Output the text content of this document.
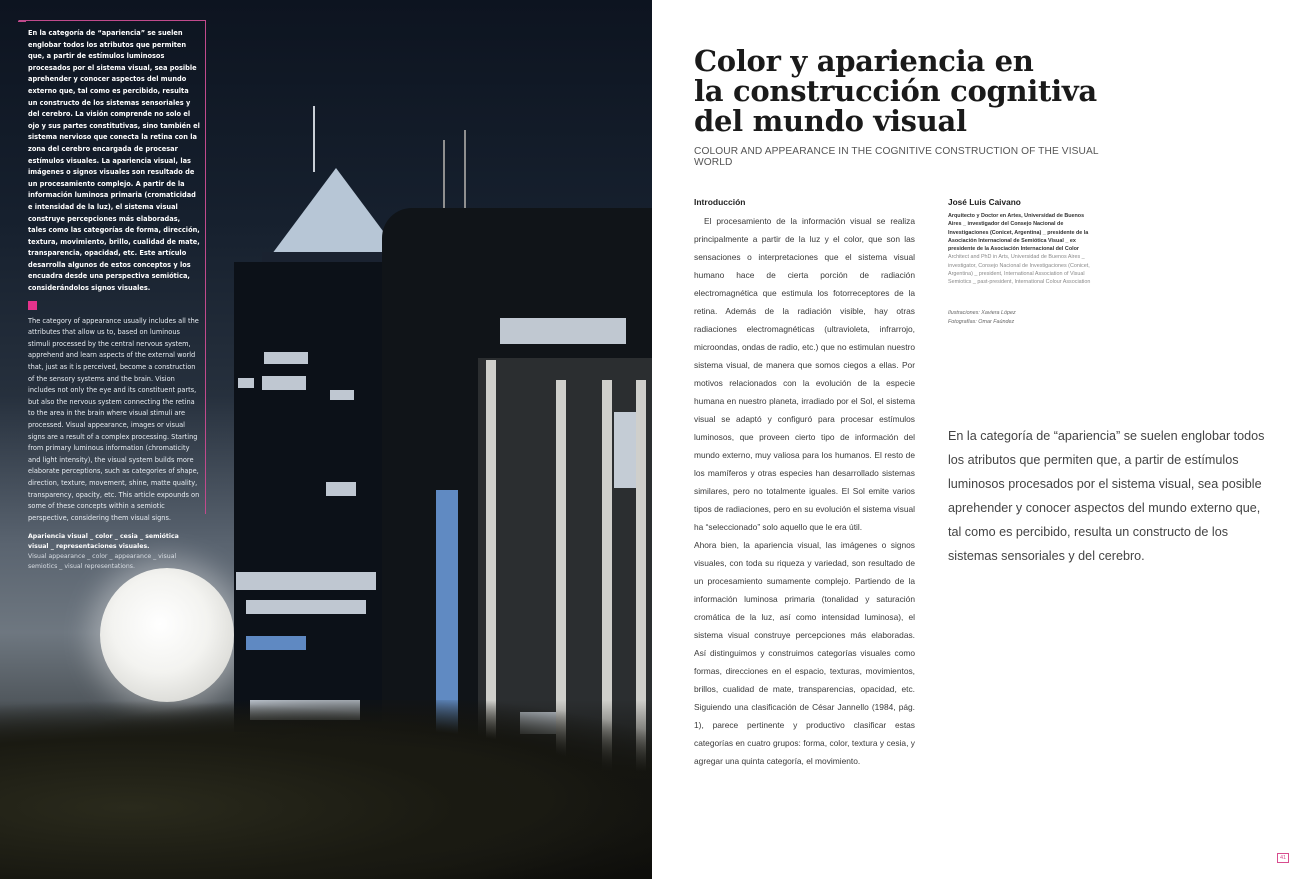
En la categoría de “apariencia” se suelen englobar todos los atributos que permiten que, a partir de estímulos luminosos procesados por el sistema visual, sea posible aprehender y conocer aspectos del mundo externo que, tal como es percibido, resulta un constructo de los sistemas sensoriales y del cerebro. La visión comprende no solo el ojo y sus partes constitutivas, sino también el sistema nervioso que conecta la retina con la zona del cerebro encargada de procesar estímulos visuales. La apariencia visual, las imágenes o signos visuales son resultado de un procesamiento complejo. A partir de la información luminosa primaria (cromaticidad e intensidad de la luz), el sistema visual construye percepciones más elaboradas, tales como las categorías de forma, dirección, textura, movimiento, brillo, cualidad de mate, transparencia, opacidad, etc. Este artículo desarrolla algunos de estos conceptos y los encuadra desde una perspectiva semiótica, considerándolos signos visuales.

The category of appearance usually includes all the attributes that allow us to, based on luminous stimuli processed by the central nervous system, apprehend and learn aspects of the external world that, just as it is perceived, become a construction of the sensory systems and the brain. Vision includes not only the eye and its constituent parts, but also the nervous system connecting the retina to the area in the brain where visual stimuli are processed. Visual appearance, images or visual signs are a result of a complex processing. Starting from primary luminous information (chromaticity and light intensity), the visual system builds more elaborate perceptions, such as categories of shape, direction, texture, movement, shine, matte quality, transparency, opacity, etc. This article expounds on some of these concepts within a semiotic perspective, considering them visual signs.

Apariencia visual _ color _ cesia _ semiótica visual _ representaciones visuales.

Visual appearance _ color _ appearance _ visual semiotics _ visual representations.

Color y apariencia en
la construcción cognitiva
del mundo visual
COLOUR AND APPEARANCE IN THE COGNITIVE CONSTRUCTION OF THE VISUAL WORLD
Introducción

El procesamiento de la información visual se realiza principalmente a partir de la luz y el color, que son las sensaciones o interpretaciones que el sistema visual humano hace de cierta porción de radiación electromagnética que estimula los fotorreceptores de la retina. Además de la radiación visible, hay otras radiaciones electromagnéticas (ultravioleta, infrarrojo, microondas, ondas de radio, etc.) que no estimulan nuestro sistema visual, de manera que somos ciegos a ellas. Por motivos relacionados con la evolución de la especie humana en nuestro planeta, irradiado por el Sol, el sistema visual se adaptó y configuró para procesar estímulos luminosos, que proveen cierto tipo de información del mundo externo, muy valiosa para los humanos. El resto de los mamíferos y otras especies han desarrollado sistemas similares, pero no totalmente iguales. El Sol emite varios tipos de radiaciones, pero en su evolución el sistema visual ha “seleccionado” solo aquello que le era útil.

Ahora bien, la apariencia visual, las imágenes o signos visuales, con toda su riqueza y variedad, son resultado de un procesamiento sumamente complejo. Partiendo de la información luminosa primaria (tonalidad y saturación cromática de la luz, así como intensidad luminosa), el sistema visual construye percepciones más elaboradas. Así distinguimos y construimos categorías visuales como formas, direcciones en el espacio, texturas, movimientos, brillos, cualidad de mate, transparencias, opacidad, etc. Siguiendo una clasificación de César Jannello (1984, pág. 1), parece pertinente y productivo clasificar estas categorías en cuatro grupos: forma, color, textura y cesia, y agregar una quinta categoría, el movimiento.

José Luis Caivano

Arquitecto y Doctor en Artes, Universidad de Buenos Aires _ investigador del Consejo Nacional de Investigaciones (Conicet, Argentina) _ presidente de la Asociación Internacional de Semiótica Visual _ ex presidente de la Asociación Internacional del Color

Architect and PhD in Arts, Universidad de Buenos Aires _ investigator, Consejo Nacional de Investigaciones (Conicet, Argentina) _ president, International Association of Visual Semiotics _ past-president, International Colour Association

Ilustraciones: Xaviera López

Fotografías: Omar Faúndez

En la categoría de “apariencia” se suelen englobar todos los atributos que permiten que, a partir de estímulos luminosos procesados por el sistema visual, sea posible aprehender y conocer aspectos del mundo externo que, tal como es percibido, resulta un constructo de los sistemas sensoriales y del cerebro.
41
